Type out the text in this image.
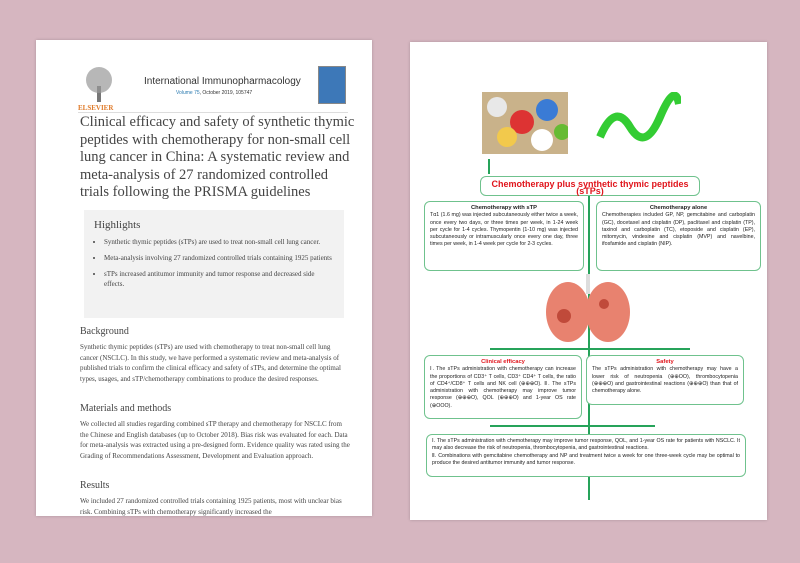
ELSEVIER
International Immunopharmacology
Volume 75, October 2019, 105747
Clinical efficacy and safety of synthetic thymic peptides with chemotherapy for non-small cell lung cancer in China: A systematic review and meta-analysis of 27 randomized controlled trials following the PRISMA guidelines
Highlights
• Synthetic thymic peptides (sTPs) are used to treat non-small cell lung cancer.
• Meta-analysis involving 27 randomized controlled trials containing 1925 patients
• sTPs increased antitumor immunity and tumor response and decreased side effects.
Background

Synthetic thymic peptides (sTPs) are used with chemotherapy to treat non-small cell lung cancer (NSCLC). In this study, we have performed a systematic review and meta-analysis of published trials to confirm the clinical efficacy and safety of sTPs, and determine the optimal types, usages, and sTP/chemotherapy combinations to produce the desired responses.

Materials and methods

We collected all studies regarding combined sTP therapy and chemotherapy for NSCLC from the Chinese and English databases (up to October 2018). Bias risk was evaluated for each. Data for meta-analysis was extracted using a pre-designed form. Evidence quality was rated using the Grading of Recommendations Assessment, Development and Evaluation approach.

Results

We included 27 randomized controlled trials containing 1925 patients, most with unclear bias risk. Combining sTPs with chemotherapy significantly increased the

Chemotherapy plus synthetic thymic peptides (sTPs)
Chemotherapy with sTP
Tα1 (1.6 mg) was injected subcutaneously either twice a week, once every two days, or three times per week, in 1-24 week per cycle for 1-4 cycles. Thymopentin (1-10 mg) was injected subcutaneously or intramuscularly once every one day, three times per week, in 1-4 week per cycle for 2-3 cycles.
Chemotherapy alone
Chemotherapies included GP, NP, gemcitabine and carboplatin (GC), docetaxel and cisplatin (DP), paclitaxel and cisplatin (TP), taxinol and carboplatin (TC), etoposide and cisplatin (EP), mitomycin, vindesine and cisplatin (MVP) and navelbine, ifosfamide and cisplatin (NIP).
Clinical efficacy
Ⅰ. The sTPs administration with chemotherapy can increase the proportions of CD3⁺ T cells, CD3⁺ CD4⁺ T cells, the ratio of CD4⁺/CD8⁺ T cells and NK cell (⊕⊕⊕O). Ⅱ. The sTPs administration with chemotherapy may improve tumor response (⊕⊕⊕O), QOL (⊕⊕⊕O) and 1-year OS rate (⊕OOO).
Safety
The sTPs administration with chemotherapy may have a lower risk of neutropenia (⊕⊕OO), thrombocytopenia (⊕⊕⊕O) and gastrointestinal reactions (⊕⊕⊕O) than that of chemotherapy alone.
Ⅰ. The sTPs administration with chemotherapy may improve tumor response, QOL, and 1-year OS rate for patients with NSCLC. It may also decrease the risk of neutropenia, thrombocytopenia, and gastrointestinal reactions.
Ⅱ. Combinations with gemcitabine chemotherapy and NP and treatment twice a week for one three-week cycle may be optimal to produce the desired antitumor immunity and tumor response.
